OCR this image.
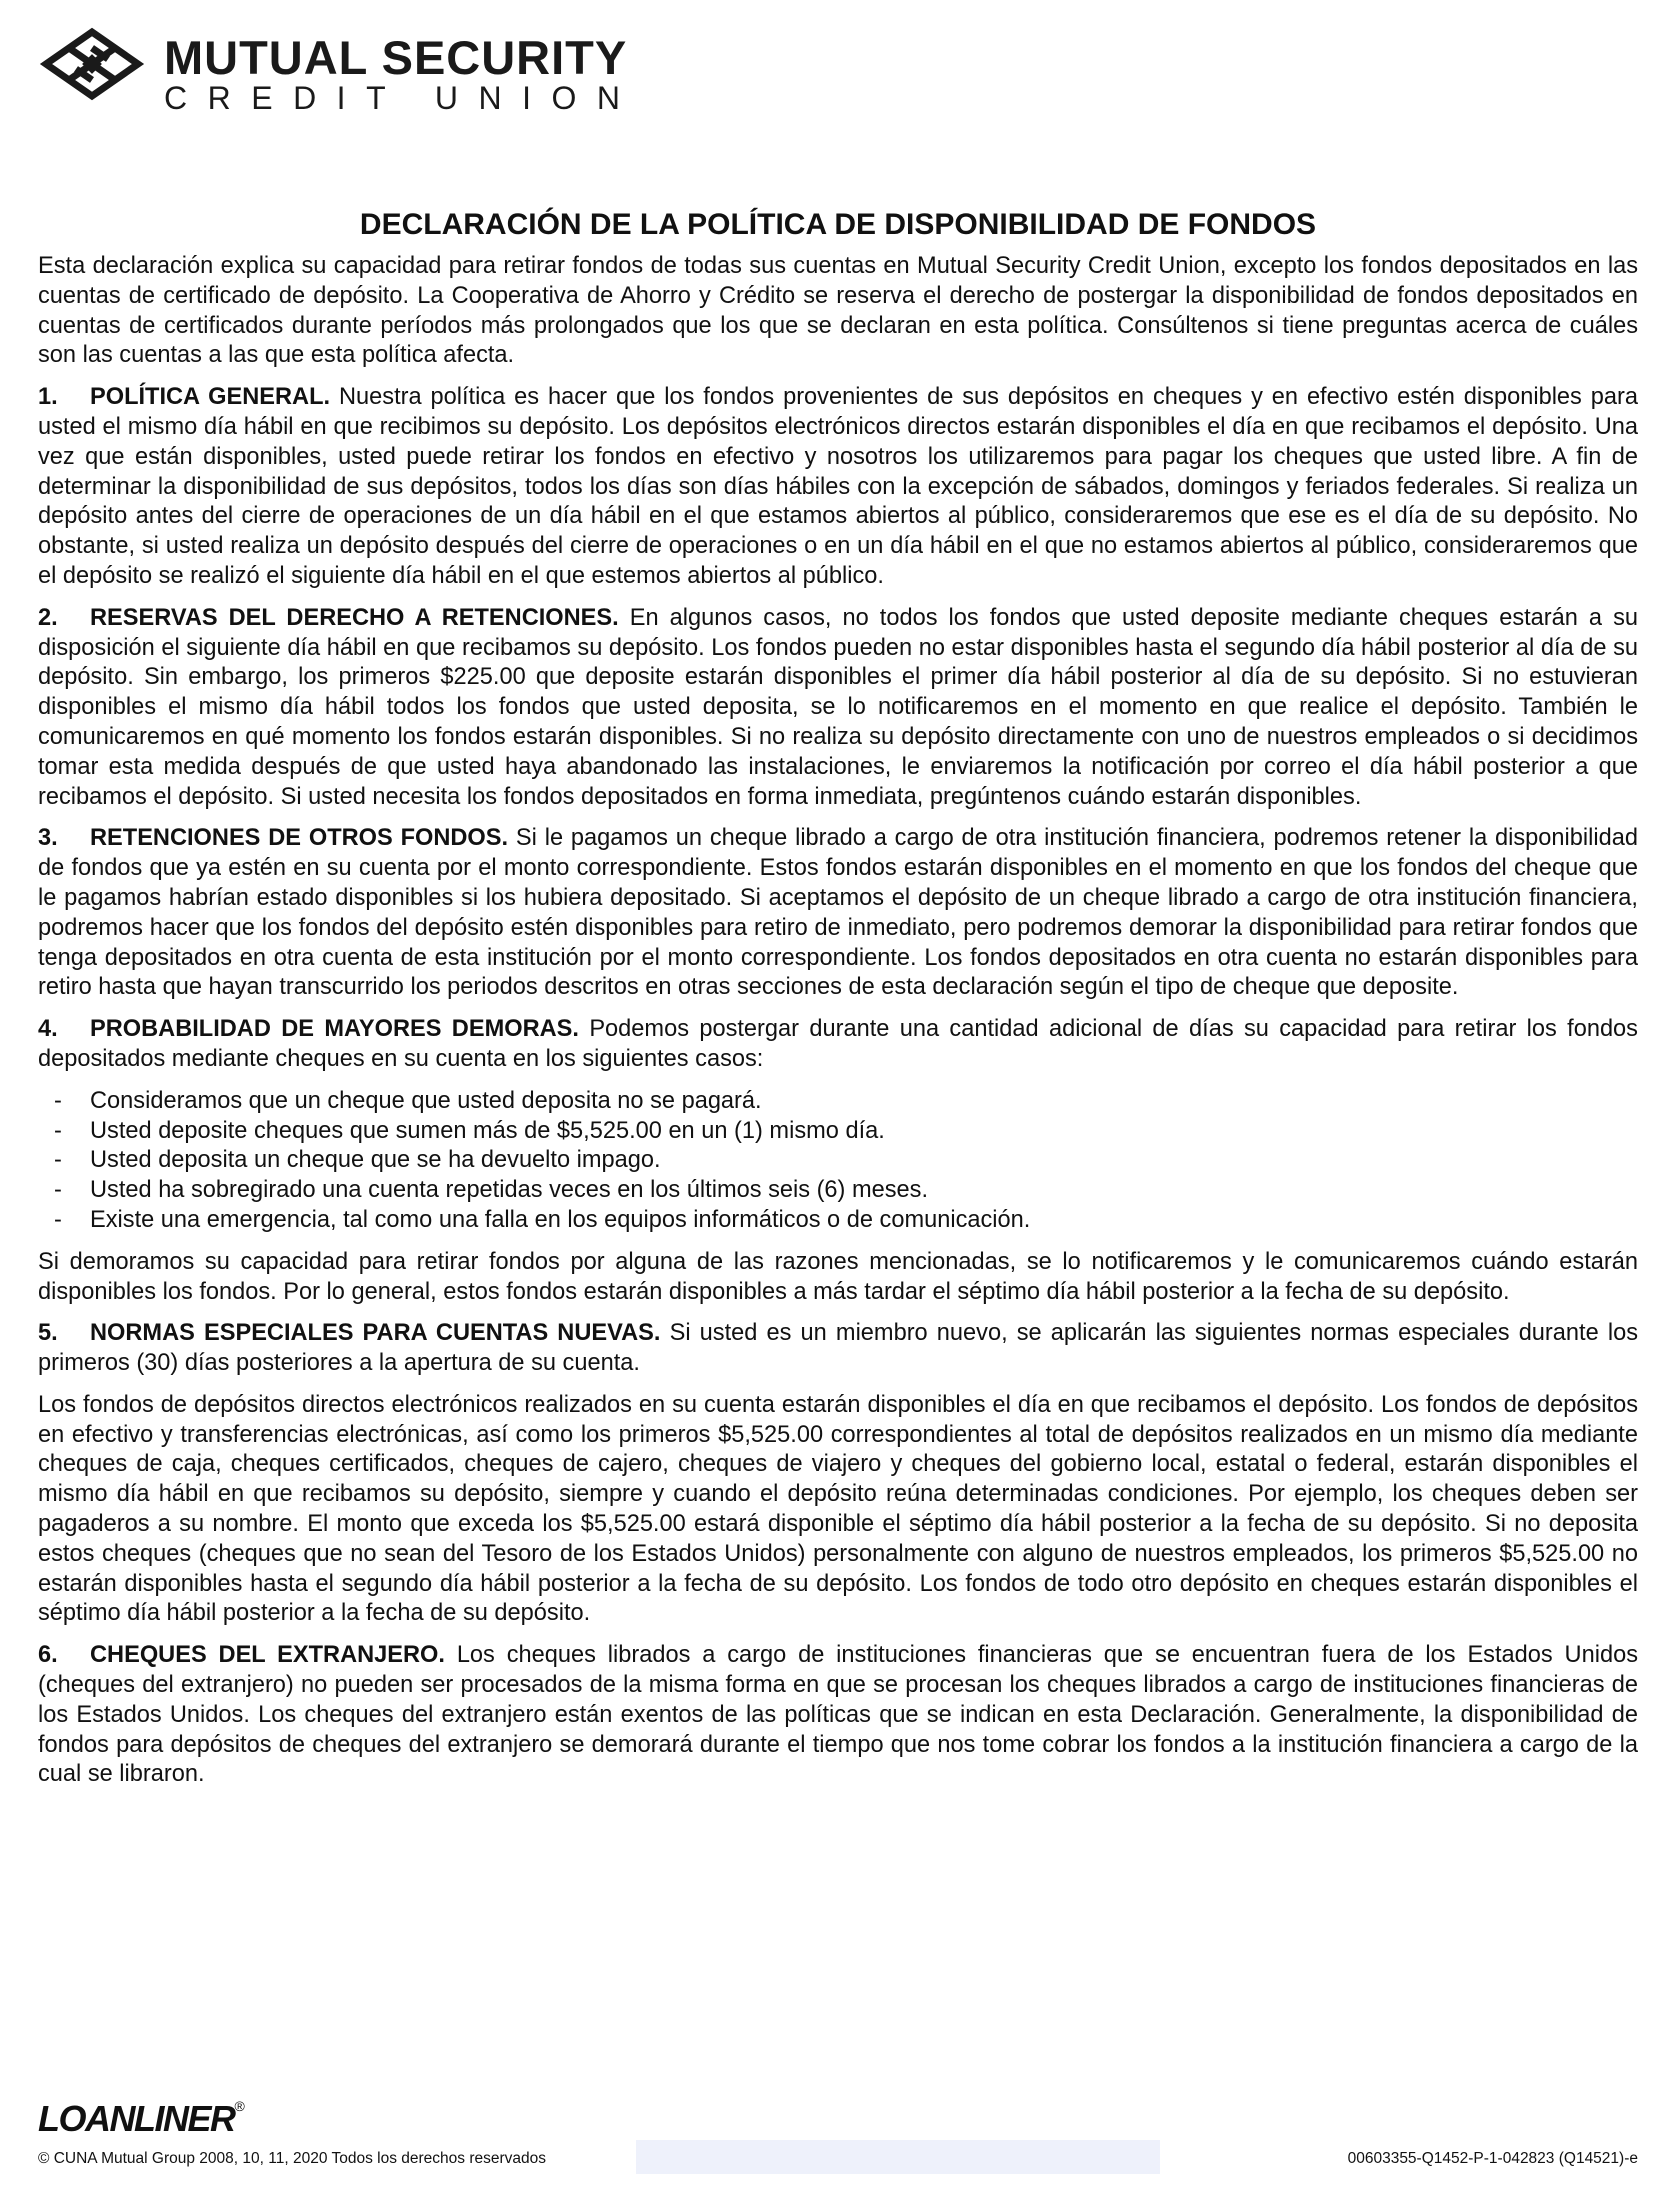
MUTUAL SECURITY
CREDIT UNION
DECLARACIÓN DE LA POLÍTICA DE DISPONIBILIDAD DE FONDOS

Esta declaración explica su capacidad para retirar fondos de todas sus cuentas en Mutual Security Credit Union, excepto los fondos depositados en las cuentas de certificado de depósito. La Cooperativa de Ahorro y Crédito se reserva el derecho de postergar la disponibilidad de fondos depositados en cuentas de certificados durante períodos más prolongados que los que se declaran en esta política. Consúltenos si tiene preguntas acerca de cuáles son las cuentas a las que esta política afecta.

1. POLÍTICA GENERAL. Nuestra política es hacer que los fondos provenientes de sus depósitos en cheques y en efectivo estén disponibles para usted el mismo día hábil en que recibimos su depósito. Los depósitos electrónicos directos estarán disponibles el día en que recibamos el depósito. Una vez que están disponibles, usted puede retirar los fondos en efectivo y nosotros los utilizaremos para pagar los cheques que usted libre. A fin de determinar la disponibilidad de sus depósitos, todos los días son días hábiles con la excepción de sábados, domingos y feriados federales. Si realiza un depósito antes del cierre de operaciones de un día hábil en el que estamos abiertos al público, consideraremos que ese es el día de su depósito. No obstante, si usted realiza un depósito después del cierre de operaciones o en un día hábil en el que no estamos abiertos al público, consideraremos que el depósito se realizó el siguiente día hábil en el que estemos abiertos al público.

2. RESERVAS DEL DERECHO A RETENCIONES. En algunos casos, no todos los fondos que usted deposite mediante cheques estarán a su disposición el siguiente día hábil en que recibamos su depósito. Los fondos pueden no estar disponibles hasta el segundo día hábil posterior al día de su depósito. Sin embargo, los primeros $225.00 que deposite estarán disponibles el primer día hábil posterior al día de su depósito. Si no estuvieran disponibles el mismo día hábil todos los fondos que usted deposita, se lo notificaremos en el momento en que realice el depósito. También le comunicaremos en qué momento los fondos estarán disponibles. Si no realiza su depósito directamente con uno de nuestros empleados o si decidimos tomar esta medida después de que usted haya abandonado las instalaciones, le enviaremos la notificación por correo el día hábil posterior a que recibamos el depósito. Si usted necesita los fondos depositados en forma inmediata, pregúntenos cuándo estarán disponibles.

3. RETENCIONES DE OTROS FONDOS. Si le pagamos un cheque librado a cargo de otra institución financiera, podremos retener la disponibilidad de fondos que ya estén en su cuenta por el monto correspondiente. Estos fondos estarán disponibles en el momento en que los fondos del cheque que le pagamos habrían estado disponibles si los hubiera depositado. Si aceptamos el depósito de un cheque librado a cargo de otra institución financiera, podremos hacer que los fondos del depósito estén disponibles para retiro de inmediato, pero podremos demorar la disponibilidad para retirar fondos que tenga depositados en otra cuenta de esta institución por el monto correspondiente. Los fondos depositados en otra cuenta no estarán disponibles para retiro hasta que hayan transcurrido los periodos descritos en otras secciones de esta declaración según el tipo de cheque que deposite.

4. PROBABILIDAD DE MAYORES DEMORAS. Podemos postergar durante una cantidad adicional de días su capacidad para retirar los fondos depositados mediante cheques en su cuenta en los siguientes casos:

- Consideramos que un cheque que usted deposita no se pagará.
- Usted deposite cheques que sumen más de $5,525.00 en un (1) mismo día.
- Usted deposita un cheque que se ha devuelto impago.
- Usted ha sobregirado una cuenta repetidas veces en los últimos seis (6) meses.
- Existe una emergencia, tal como una falla en los equipos informáticos o de comunicación.

Si demoramos su capacidad para retirar fondos por alguna de las razones mencionadas, se lo notificaremos y le comunicaremos cuándo estarán disponibles los fondos. Por lo general, estos fondos estarán disponibles a más tardar el séptimo día hábil posterior a la fecha de su depósito.

5. NORMAS ESPECIALES PARA CUENTAS NUEVAS. Si usted es un miembro nuevo, se aplicarán las siguientes normas especiales durante los primeros (30) días posteriores a la apertura de su cuenta.

Los fondos de depósitos directos electrónicos realizados en su cuenta estarán disponibles el día en que recibamos el depósito. Los fondos de depósitos en efectivo y transferencias electrónicas, así como los primeros $5,525.00 correspondientes al total de depósitos realizados en un mismo día mediante cheques de caja, cheques certificados, cheques de cajero, cheques de viajero y cheques del gobierno local, estatal o federal, estarán disponibles el mismo día hábil en que recibamos su depósito, siempre y cuando el depósito reúna determinadas condiciones. Por ejemplo, los cheques deben ser pagaderos a su nombre. El monto que exceda los $5,525.00 estará disponible el séptimo día hábil posterior a la fecha de su depósito. Si no deposita estos cheques (cheques que no sean del Tesoro de los Estados Unidos) personalmente con alguno de nuestros empleados, los primeros $5,525.00 no estarán disponibles hasta el segundo día hábil posterior a la fecha de su depósito. Los fondos de todo otro depósito en cheques estarán disponibles el séptimo día hábil posterior a la fecha de su depósito.

6. CHEQUES DEL EXTRANJERO. Los cheques librados a cargo de instituciones financieras que se encuentran fuera de los Estados Unidos (cheques del extranjero) no pueden ser procesados de la misma forma en que se procesan los cheques librados a cargo de instituciones financieras de los Estados Unidos. Los cheques del extranjero están exentos de las políticas que se indican en esta Declaración. Generalmente, la disponibilidad de fondos para depósitos de cheques del extranjero se demorará durante el tiempo que nos tome cobrar los fondos a la institución financiera a cargo de la cual se libraron.

LOANLINER®
© CUNA Mutual Group 2008, 10, 11, 2020 Todos los derechos reservados	00603355-Q1452-P-1-042823 (Q14521)-e
